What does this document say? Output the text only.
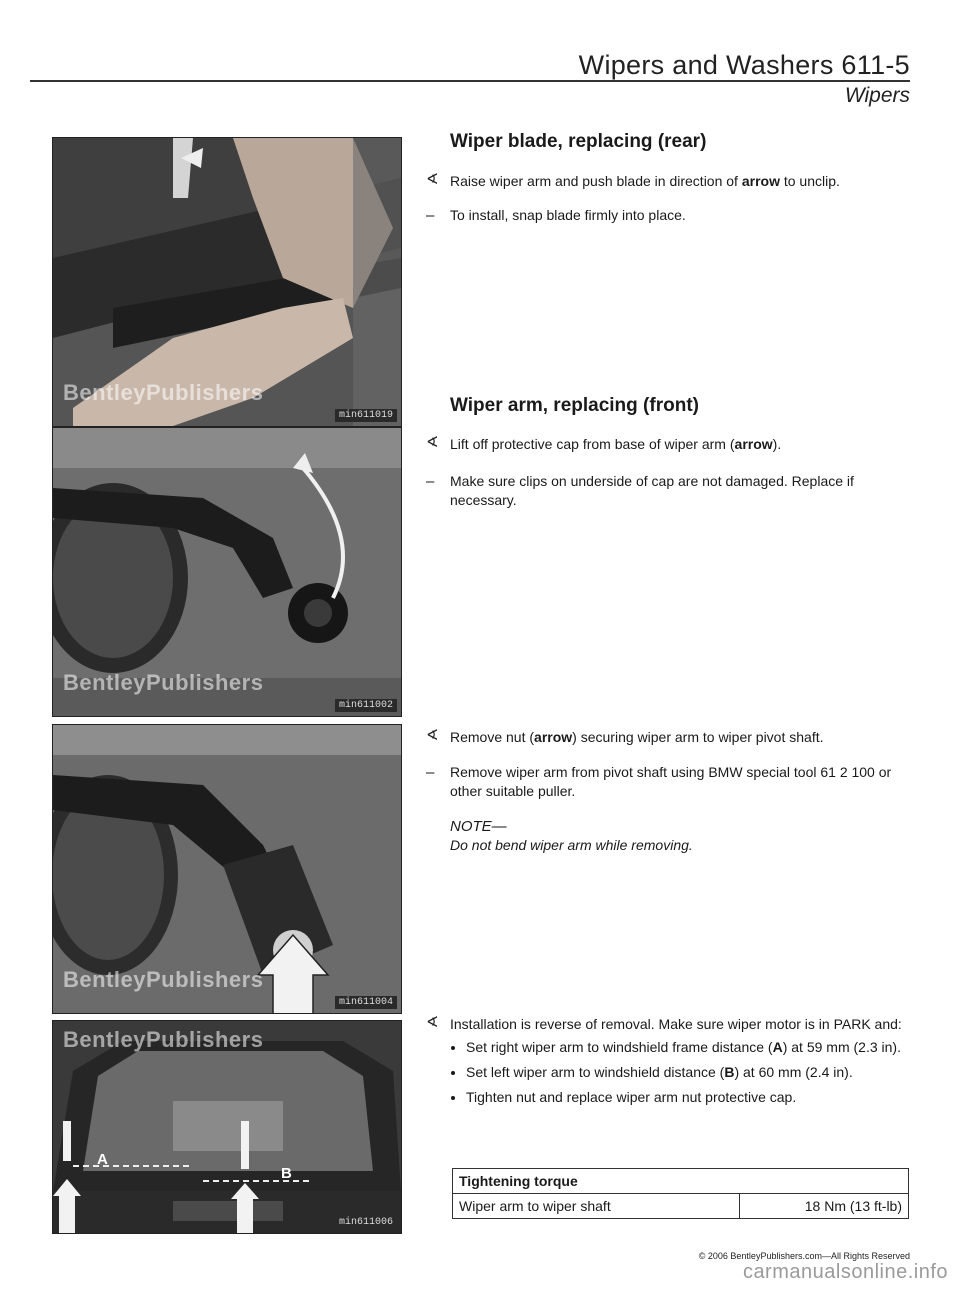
Wipers and Washers 611-5
Wipers
BentleyPublishers
min611019
BentleyPublishers
min611002
BentleyPublishers
min611004
BentleyPublishers
A
B
min611006
Wiper blade, replacing (rear)
∢ Raise wiper arm and push blade in direction of arrow to unclip.
–	To install, snap blade firmly into place.
Wiper arm, replacing (front)
∢ Lift off protective cap from base of wiper arm (arrow).
–	Make sure clips on underside of cap are not damaged. Replace if necessary.
∢ Remove nut (arrow) securing wiper arm to wiper pivot shaft.
–	Remove wiper arm from pivot shaft using BMW special tool 61 2 100 or other suitable puller.
NOTE—
Do not bend wiper arm while removing.
∢ Installation is reverse of removal. Make sure wiper motor is in PARK and:
• Set right wiper arm to windshield frame distance (A) at 59 mm (2.3 in).
• Set left wiper arm to windshield distance (B) at 60 mm (2.4 in).
• Tighten nut and replace wiper arm nut protective cap.
Tightening torque
Wiper arm to wiper shaft	18 Nm (13 ft-lb)
© 2006 BentleyPublishers.com—All Rights Reserved
carmanualsonline.info
